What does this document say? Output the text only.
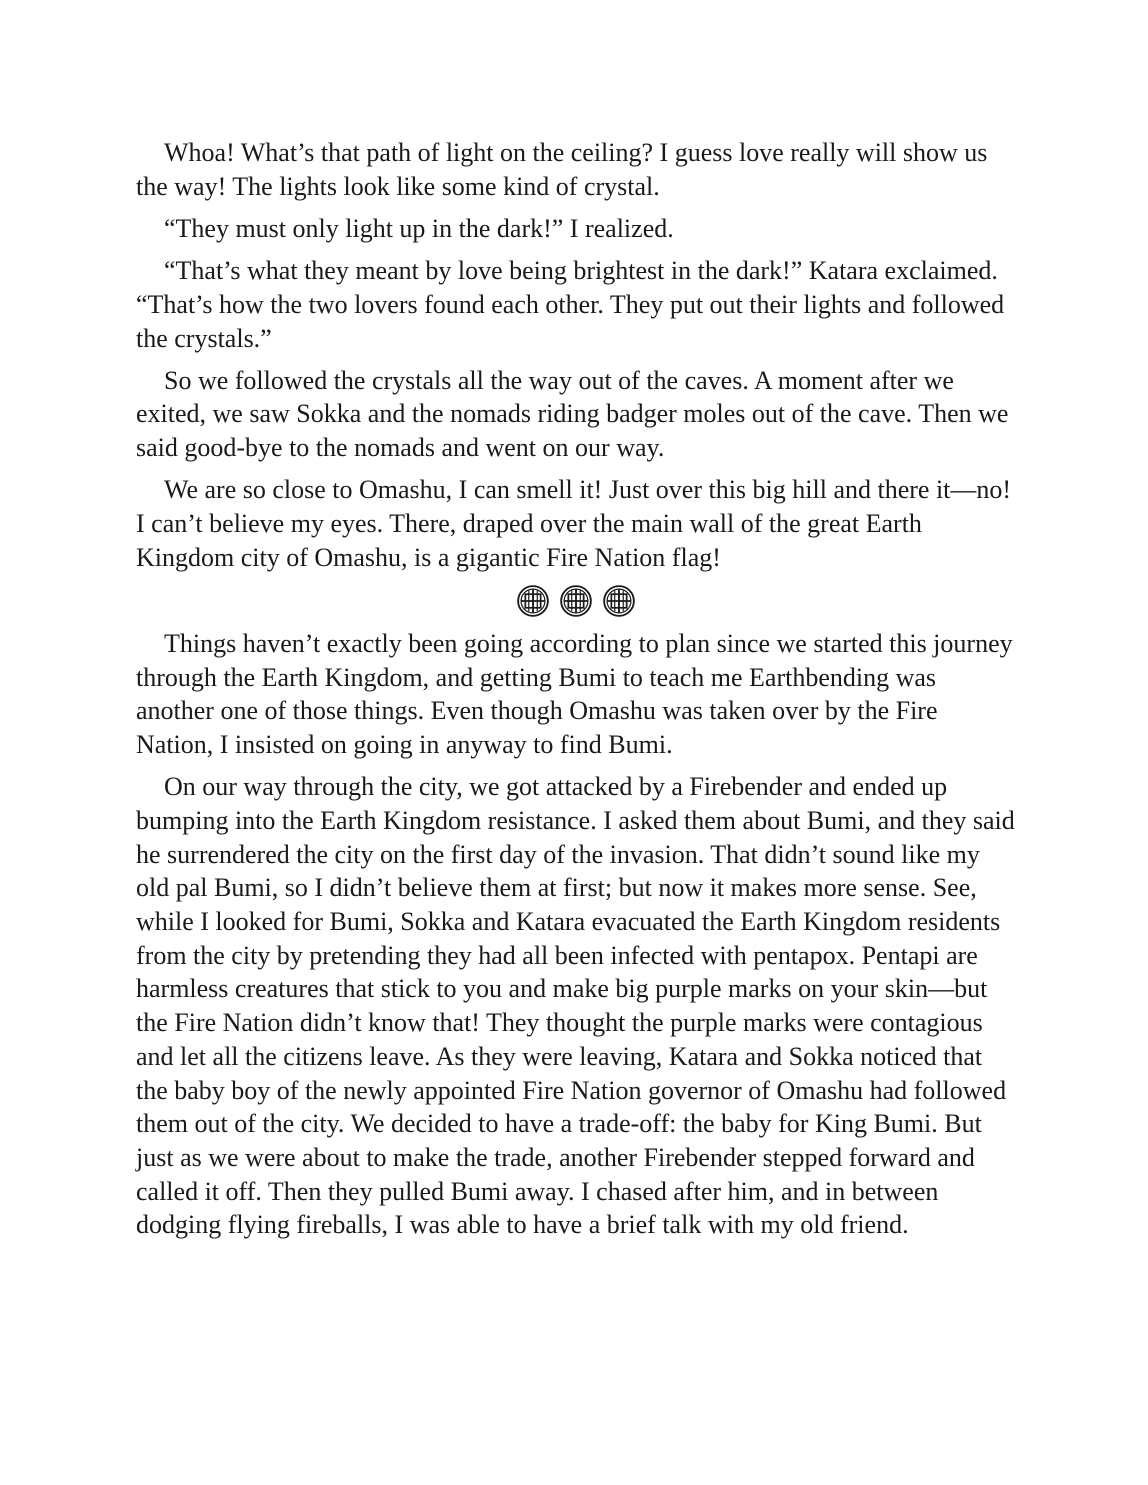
Whoa! What’s that path of light on the ceiling? I guess love really will show us the way! The lights look like some kind of crystal.

“They must only light up in the dark!” I realized.

“That’s what they meant by love being brightest in the dark!” Katara exclaimed. “That’s how the two lovers found each other. They put out their lights and followed the crystals.”

So we followed the crystals all the way out of the caves. A moment after we exited, we saw Sokka and the nomads riding badger moles out of the cave. Then we said good-bye to the nomads and went on our way.

We are so close to Omashu, I can smell it! Just over this big hill and there it—no! I can’t believe my eyes. There, draped over the main wall of the great Earth Kingdom city of Omashu, is a gigantic Fire Nation flag!

Things haven’t exactly been going according to plan since we started this journey through the Earth Kingdom, and getting Bumi to teach me Earthbending was another one of those things. Even though Omashu was taken over by the Fire Nation, I insisted on going in anyway to find Bumi.

On our way through the city, we got attacked by a Firebender and ended up bumping into the Earth Kingdom resistance. I asked them about Bumi, and they said he surrendered the city on the first day of the invasion. That didn’t sound like my old pal Bumi, so I didn’t believe them at first; but now it makes more sense. See, while I looked for Bumi, Sokka and Katara evacuated the Earth Kingdom residents from the city by pretending they had all been infected with pentapox. Pentapi are harmless creatures that stick to you and make big purple marks on your skin—but the Fire Nation didn’t know that! They thought the purple marks were contagious and let all the citizens leave. As they were leaving, Katara and Sokka noticed that the baby boy of the newly appointed Fire Nation governor of Omashu had followed them out of the city. We decided to have a trade-off: the baby for King Bumi. But just as we were about to make the trade, another Firebender stepped forward and called it off. Then they pulled Bumi away. I chased after him, and in between dodging flying fireballs, I was able to have a brief talk with my old friend.
